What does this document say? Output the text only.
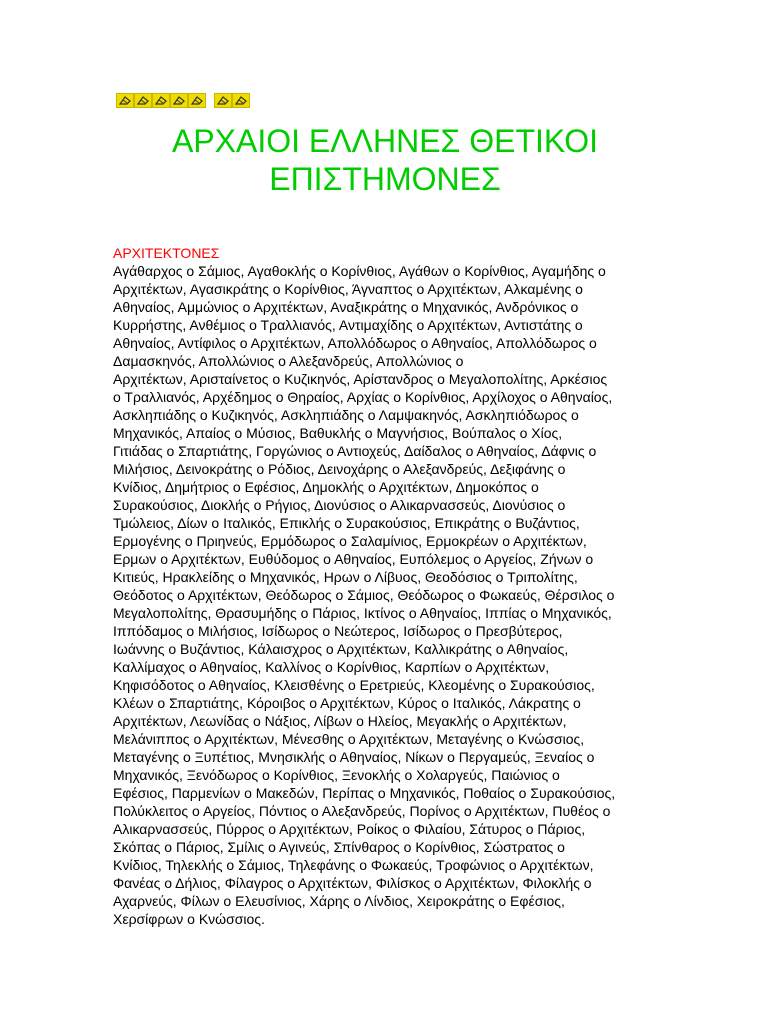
ΑΡΧΑΙΟΙ ΕΛΛΗΝΕΣ ΘΕΤΙΚΟΙ
ΕΠΙΣΤΗΜΟΝΕΣ
ΑΡΧΙΤΕΚΤΟΝΕΣ

Αγάθαρχος ο Σάμιος, Αγαθοκλής ο Κορίνθιος, Αγάθων ο Κορίνθιος, Αγαμήδης ο
Αρχιτέκτων, Αγασικράτης ο Κορίνθιος, Άγναπτος ο Αρχιτέκτων, Αλκαμένης ο
Αθηναίος, Αμμώνιος ο Αρχιτέκτων, Αναξικράτης ο Μηχανικός, Ανδρόνικος ο
Κυρρήστης, Ανθέμιος ο Τραλλιανός, Αντιμαχίδης ο Αρχιτέκτων, Αντιστάτης ο
Αθηναίος, Αντίφιλος ο Αρχιτέκτων, Απολλόδωρος ο Αθηναίος, Απολλόδωρος ο
Δαμασκηνός, Απολλώνιος ο Αλεξανδρεύς, Απολλώνιος ο
Αρχιτέκτων, Αρισταίνετος ο Κυζικηνός, Αρίστανδρος ο Μεγαλοπολίτης, Αρκέσιος
ο Τραλλιανός, Αρχέδημος ο Θηραίος, Αρχίας ο Κορίνθιος, Αρχίλοχος ο Αθηναίος,
Ασκληπιάδης ο Κυζικηνός, Ασκληπιάδης ο Λαμψακηνός, Ασκληπιόδωρος ο
Μηχανικός, Απαίος ο Μύσιος, Βαθυκλής ο Μαγνήσιος, Βούπαλος ο Χίος,
Γιτιάδας ο Σπαρτιάτης, Γοργώνιος ο Αντιοχεύς, Δαίδαλος ο Αθηναίος, Δάφνις ο
Μιλήσιος, Δεινοκράτης ο Ρόδιος, Δεινοχάρης ο Αλεξανδρεύς, Δεξιφάνης ο
Κνίδιος, Δημήτριος ο Εφέσιος, Δημοκλής ο Αρχιτέκτων, Δημοκόπος ο
Συρακούσιος, Διοκλής ο Ρήγιος, Διονύσιος ο Αλικαρνασσεύς, Διονύσιος ο
Τμώλειος, Δίων ο Ιταλικός, Επικλής ο Συρακούσιος, Επικράτης ο Βυζάντιος,
Ερμογένης ο Πριηνεύς, Ερμόδωρος ο Σαλαμίνιος, Ερμοκρέων ο Αρχιτέκτων,
Ερμων ο Αρχιτέκτων, Ευθύδομος ο Αθηναίος, Ευπόλεμος ο Αργείος, Ζήνων ο
Κιτιεύς, Ηρακλείδης ο Μηχανικός, Ηρων ο Λίβυος, Θεοδόσιος ο Τριπολίτης,
Θεόδοτος ο Αρχιτέκτων, Θεόδωρος ο Σάμιος, Θεόδωρος ο Φωκαεύς, Θέρσιλος ο
Μεγαλοπολίτης, Θρασυμήδης ο Πάριος, Ικτίνος ο Αθηναίος, Ιππίας ο Μηχανικός,
Ιππόδαμος ο Μιλήσιος, Ισίδωρος ο Νεώτερος, Ισίδωρος ο Πρεσβύτερος,
Ιωάννης ο Βυζάντιος, Κάλαισχρος ο Αρχιτέκτων, Καλλικράτης ο Αθηναίος,
Καλλίμαχος ο Αθηναίος, Καλλίνος ο Κορίνθιος, Καρπίων ο Αρχιτέκτων,
Κηφισόδοτος ο Αθηναίος, Κλεισθένης ο Ερετριεύς, Κλεομένης ο Συρακούσιος,
Κλέων ο Σπαρτιάτης, Κόροιβος ο Αρχιτέκτων, Κύρος ο Ιταλικός, Λάκρατης ο
Αρχιτέκτων, Λεωνίδας ο Νάξιος, Λίβων ο Ηλείος, Μεγακλής ο Αρχιτέκτων,
Μελάνιππος ο Αρχιτέκτων, Μένεσθης ο Αρχιτέκτων, Μεταγένης ο Κνώσσιος,
Μεταγένης ο Ξυπέτιος, Μνησικλής ο Αθηναίος, Νίκων ο Περγαμεύς, Ξεναίος ο
Μηχανικός, Ξενόδωρος ο Κορίνθιος, Ξενοκλής ο Χολαργεύς, Παιώνιος ο
Εφέσιος, Παρμενίων ο Μακεδών, Περίπας ο Μηχανικός, Ποθαίος ο Συρακούσιος,
Πολύκλειτος ο Αργείος, Πόντιος ο Αλεξανδρεύς, Πορίνος ο Αρχιτέκτων, Πυθέος ο
Αλικαρνασσεύς, Πύρρος ο Αρχιτέκτων, Ροίκος ο Φιλαίου, Σάτυρος ο Πάριος,
Σκόπας ο Πάριος, Σμίλις ο Αγινεύς, Σπίνθαρος ο Κορίνθιος, Σώστρατος ο
Κνίδιος, Τηλεκλής ο Σάμιος, Τηλεφάνης ο Φωκαεύς, Τροφώνιος ο Αρχιτέκτων,
Φανέας ο Δήλιος, Φίλαγρος ο Αρχιτέκτων, Φιλίσκος ο Αρχιτέκτων, Φιλοκλής ο
Αχαρνεύς, Φίλων ο Ελευσίνιος, Χάρης ο Λίνδιος, Χειροκράτης ο Εφέσιος,
Χερσίφρων ο Κνώσσιος.
